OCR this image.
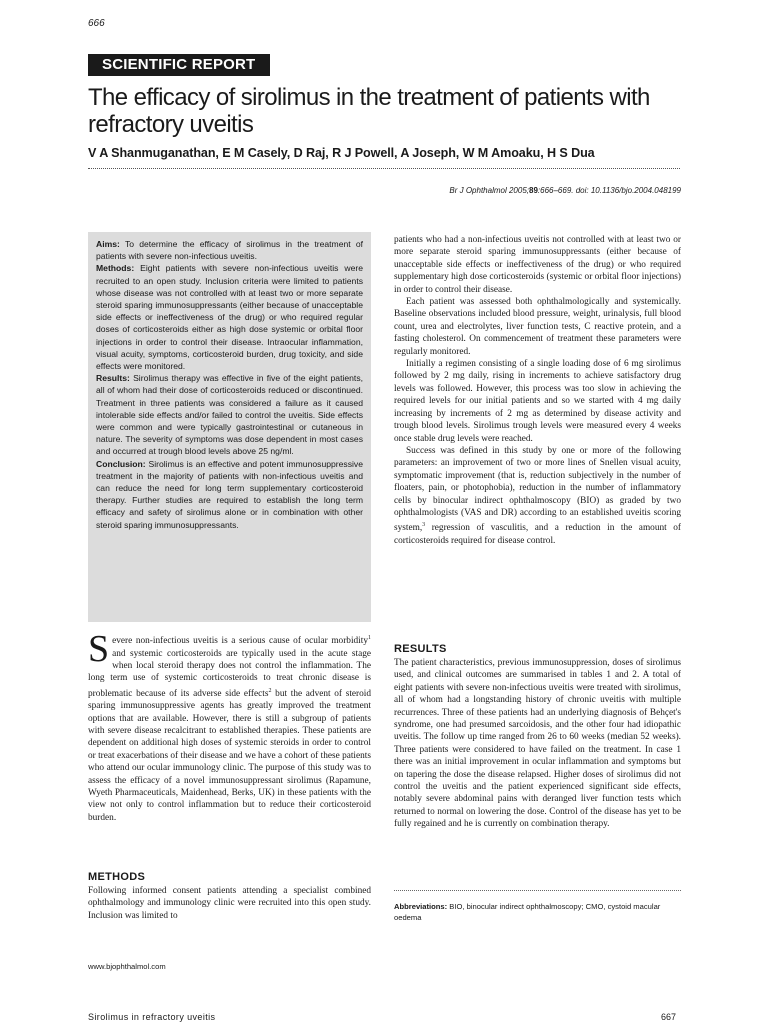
666
SCIENTIFIC REPORT
The efficacy of sirolimus in the treatment of patients with refractory uveitis
V A Shanmuganathan, E M Casely, D Raj, R J Powell, A Joseph, W M Amoaku, H S Dua
Br J Ophthalmol 2005;89:666–669. doi: 10.1136/bjo.2004.048199
Aims: To determine the efficacy of sirolimus in the treatment of patients with severe non-infectious uveitis.
Methods: Eight patients with severe non-infectious uveitis were recruited to an open study. Inclusion criteria were limited to patients whose disease was not controlled with at least two or more separate steroid sparing immunosuppressants (either because of unacceptable side effects or ineffectiveness of the drug) or who required regular doses of corticosteroids either as high dose systemic or orbital floor injections in order to control their disease. Intraocular inflammation, visual acuity, symptoms, corticosteroid burden, drug toxicity, and side effects were monitored.
Results: Sirolimus therapy was effective in five of the eight patients, all of whom had their dose of corticosteroids reduced or discontinued. Treatment in three patients was considered a failure as it caused intolerable side effects and/or failed to control the uveitis. Side effects were common and were typically gastrointestinal or cutaneous in nature. The severity of symptoms was dose dependent in most cases and occurred at trough blood levels above 25 ng/ml.
Conclusion: Sirolimus is an effective and potent immunosuppressive treatment in the majority of patients with non-infectious uveitis and can reduce the need for long term supplementary corticosteroid therapy. Further studies are required to establish the long term efficacy and safety of sirolimus alone or in combination with other steroid sparing immunosuppressants.
Severe non-infectious uveitis is a serious cause of ocular morbidity$^1$ and systemic corticosteroids are typically used in the acute stage when local steroid therapy does not control the inflammation. The long term use of systemic corticosteroids to treat chronic disease is problematic because of its adverse side effects$^2$ but the advent of steroid sparing immunosuppressive agents has greatly improved the treatment options that are available. However, there is still a subgroup of patients with severe disease recalcitrant to established therapies. These patients are dependent on additional high doses of systemic steroids in order to control or treat exacerbations of their disease and we have a cohort of these patients who attend our ocular immunology clinic. The purpose of this study was to assess the efficacy of a novel immunosuppressant sirolimus (Rapamune, Wyeth Pharmaceuticals, Maidenhead, Berks, UK) in these patients with the view not only to control inflammation but to reduce their corticosteroid burden.
METHODS
Following informed consent patients attending a specialist combined ophthalmology and immunology clinic were recruited into this open study. Inclusion was limited to

patients who had a non-infectious uveitis not controlled with at least two or more separate steroid sparing immunosuppressants (either because of unacceptable side effects or ineffectiveness of the drug) or who required supplementary high dose corticosteroids (systemic or orbital floor injections) in order to control their disease.

Each patient was assessed both ophthalmologically and systemically. Baseline observations included blood pressure, weight, urinalysis, full blood count, urea and electrolytes, liver function tests, C reactive protein, and a fasting cholesterol. On commencement of treatment these parameters were regularly monitored.

Initially a regimen consisting of a single loading dose of 6 mg sirolimus followed by 2 mg daily, rising in increments to achieve satisfactory drug levels was followed. However, this process was too slow in achieving the required levels for our initial patients and so we started with 4 mg daily increasing by increments of 2 mg as determined by disease activity and trough blood levels. Sirolimus trough levels were measured every 4 weeks once stable drug levels were reached.

Success was defined in this study by one or more of the following parameters: an improvement of two or more lines of Snellen visual acuity, symptomatic improvement (that is, reduction subjectively in the number of floaters, pain, or photophobia), reduction in the number of inflammatory cells by binocular indirect ophthalmoscopy (BIO) as graded by two ophthalmologists (VAS and DR) according to an established uveitis scoring system,$^3$ regression of vasculitis, and a reduction in the amount of corticosteroids required for disease control.

RESULTS
The patient characteristics, previous immunosuppression, doses of sirolimus used, and clinical outcomes are summarised in tables 1 and 2. A total of eight patients with severe non-infectious uveitis were treated with sirolimus, all of whom had a longstanding history of chronic uveitis with multiple recurrences. Three of these patients had an underlying diagnosis of Behçet's syndrome, one had presumed sarcoidosis, and the other four had idiopathic uveitis. The follow up time ranged from 26 to 60 weeks (median 52 weeks). Three patients were considered to have failed on the treatment. In case 1 there was an initial improvement in ocular inflammation and symptoms but on tapering the dose the disease relapsed. Higher doses of sirolimus did not control the uveitis and the patient experienced significant side effects, notably severe abdominal pains with deranged liver function tests which returned to normal on lowering the dose. Control of the disease has yet to be fully regained and he is currently on combination therapy.
Abbreviations: BIO, binocular indirect ophthalmoscopy; CMO, cystoid macular oedema
www.bjophthalmol.com
Sirolimus in refractory uveitis	667
